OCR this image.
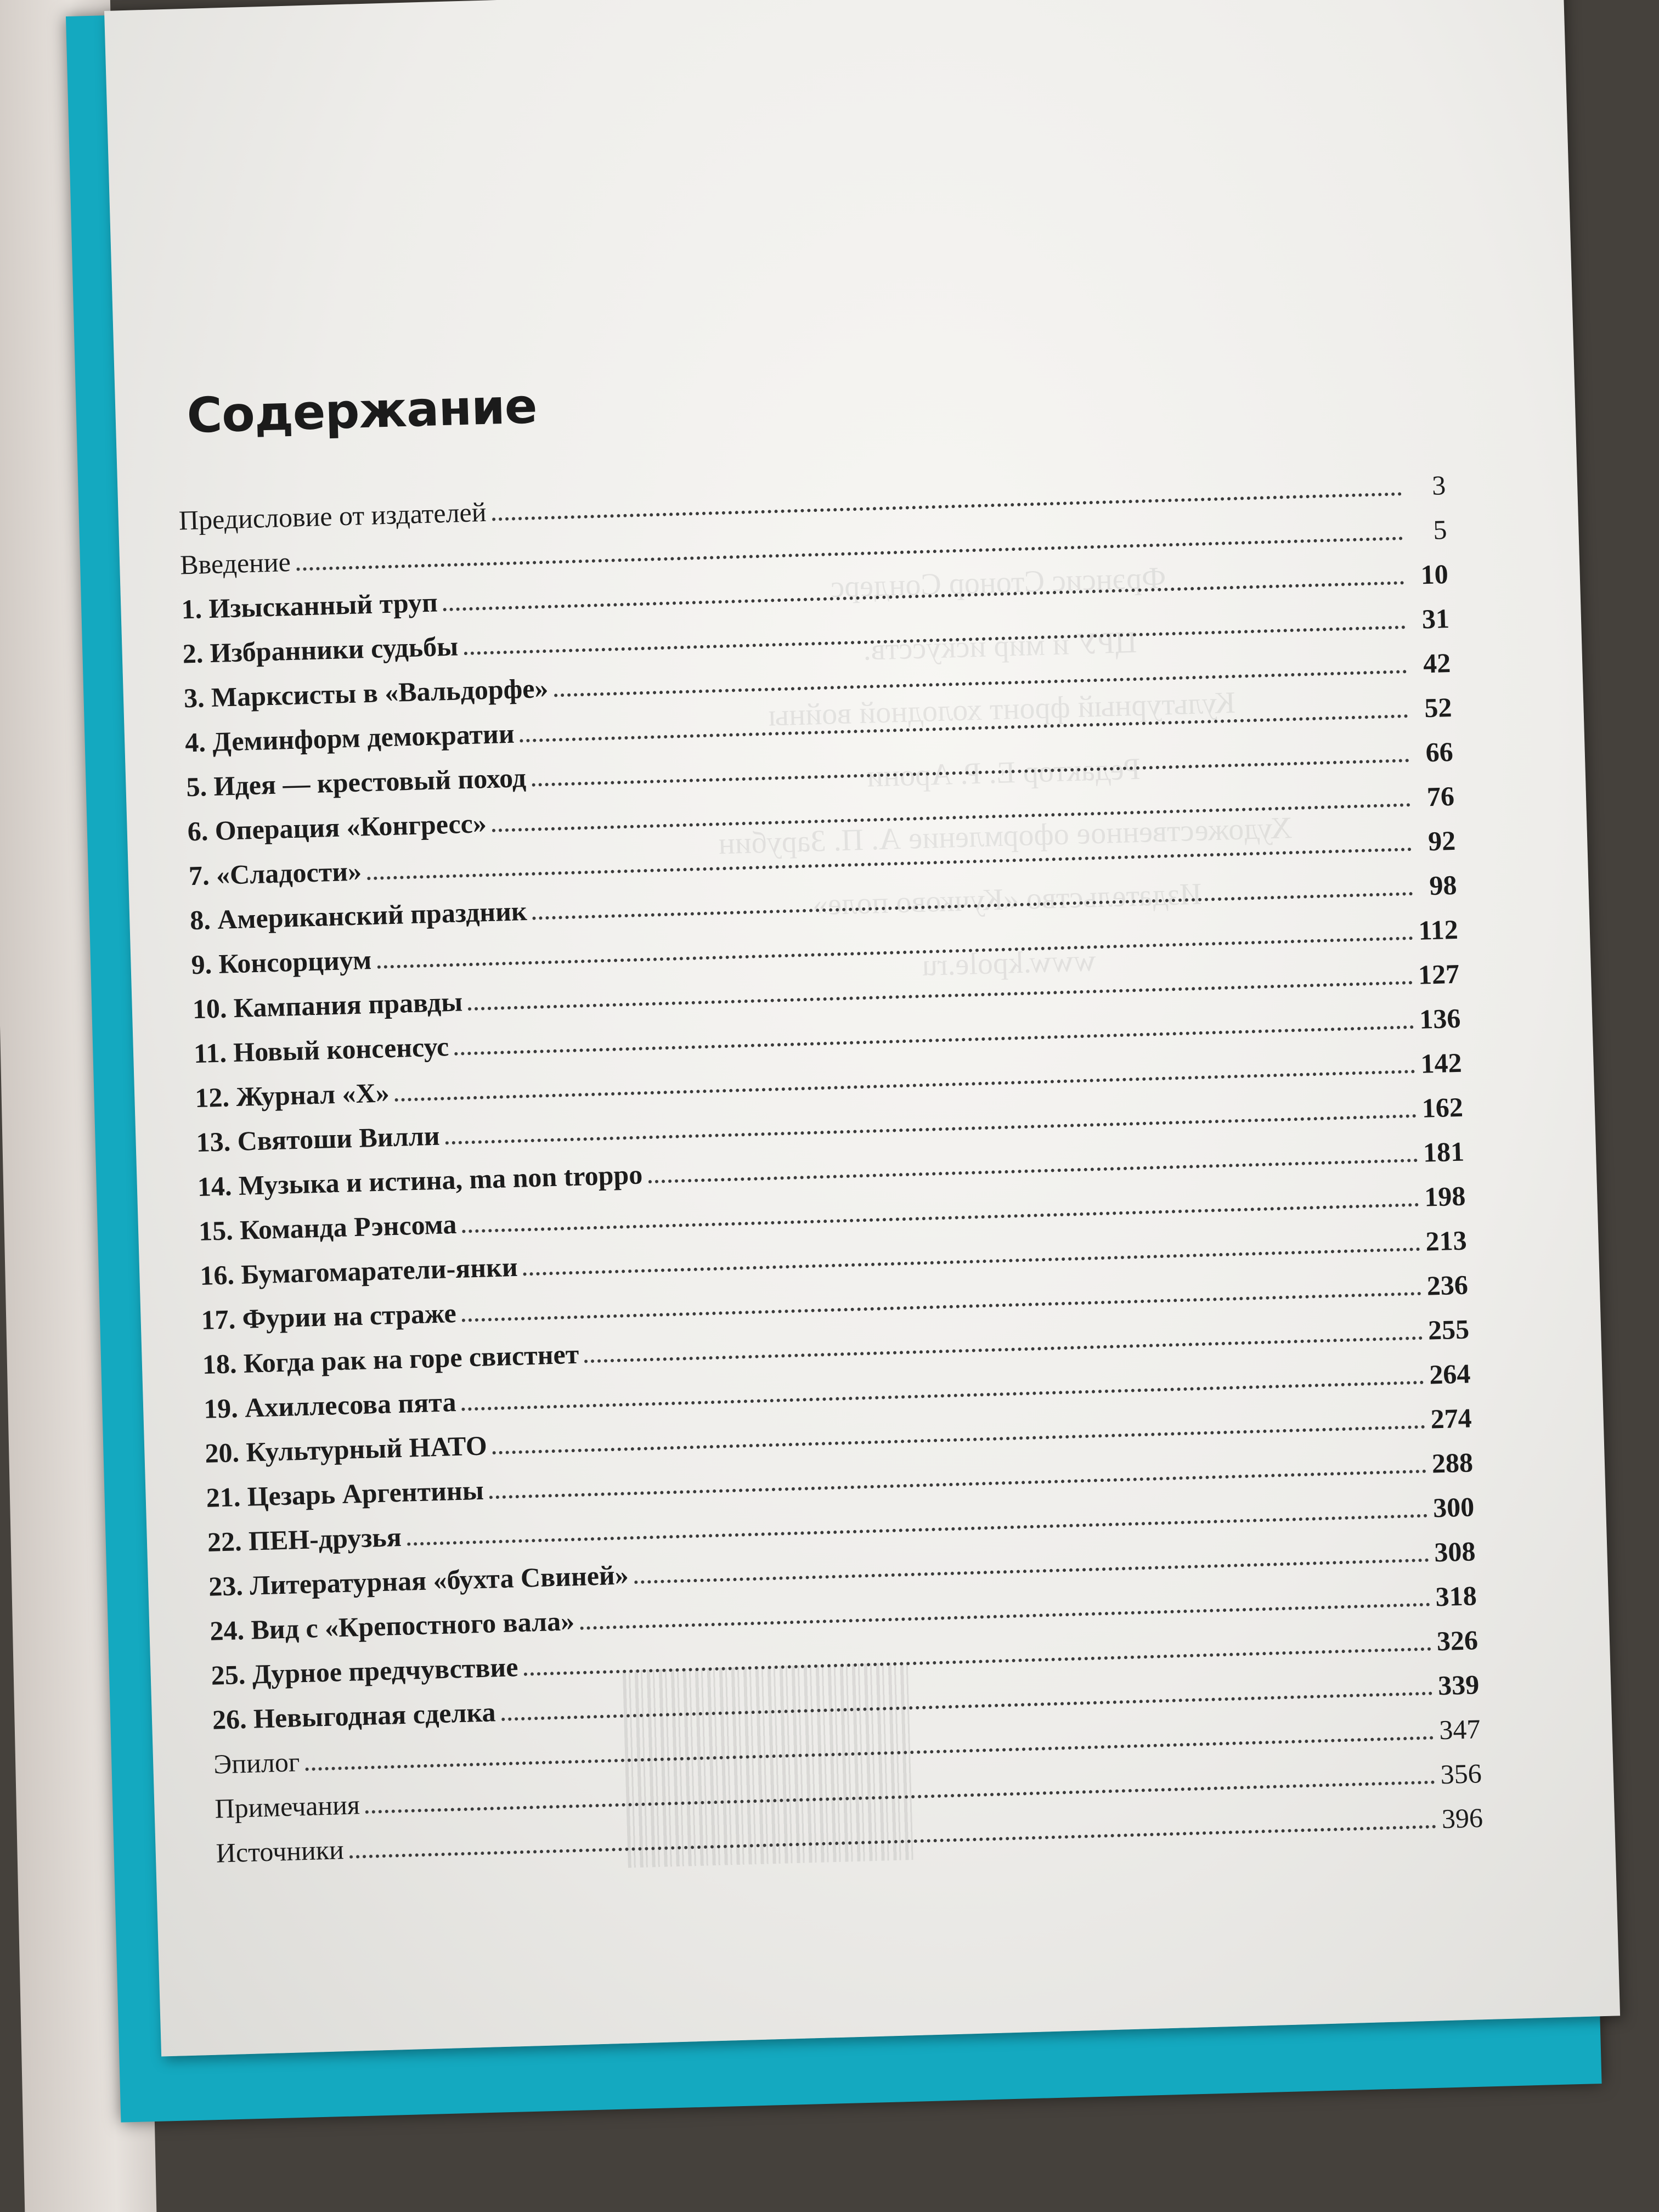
Фрэнсис Стонор Сондерс

ЦРУ и мир искусств.

Культурный фронт холодной войны

Редактор Е. Р. Арони

Художественное оформление А. П. Зарубин

Издательство «Кучково поле»

www.kpole.ru

Содержание
Предисловие от издателей
3
Введение
5
1. Изысканный труп
10
2. Избранники судьбы
31
3. Марксисты в «Вальдорфе»
42
4. Деминформ демократии
52
5. Идея — крестовый поход
66
6. Операция «Конгресс»
76
7. «Сладости»
92
8. Американский праздник
98
9. Консорциум
112
10. Кампания правды
127
11. Новый консенсус
136
12. Журнал «Х»
142
13. Святоши Вилли
162
14. Музыка и истина, ma non troppo
181
15. Команда Рэнсома
198
16. Бумагомаратели-янки
213
17. Фурии на страже
236
18. Когда рак на горе свистнет
255
19. Ахиллесова пята
264
20. Культурный НАТО
274
21. Цезарь Аргентины
288
22. ПЕН-друзья
300
23. Литературная «бухта Свиней»
308
24. Вид с «Крепостного вала»
318
25. Дурное предчувствие
326
26. Невыгодная сделка
339
Эпилог
347
Примечания
356
Источники
396
